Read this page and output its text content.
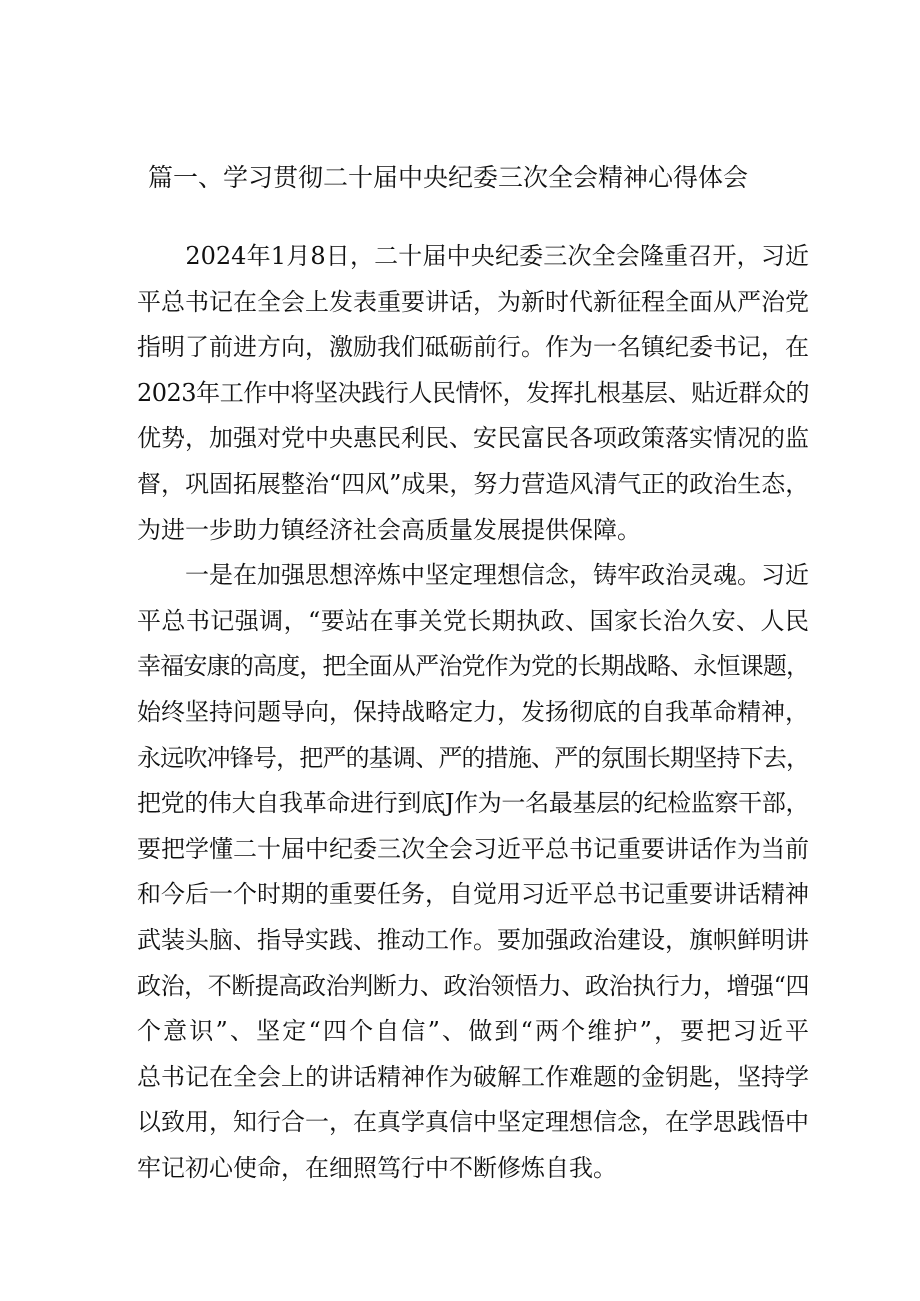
篇一、学习贯彻二十届中央纪委三次全会精神心得体会
　　2024年1月8日，二十届中央纪委三次全会隆重召开，习近
平总书记在全会上发表重要讲话，为新时代新征程全面从严治党
指明了前进方向，激励我们砥砺前行。作为一名镇纪委书记，在
2023年工作中将坚决践行人民情怀，发挥扎根基层、贴近群众的
优势，加强对党中央惠民利民、安民富民各项政策落实情况的监
督，巩固拓展整治“四风”成果，努力营造风清气正的政治生态，
为进一步助力镇经济社会高质量发展提供保障。
　　一是在加强思想淬炼中坚定理想信念，铸牢政治灵魂。习近
平总书记强调，“要站在事关党长期执政、国家长治久安、人民
幸福安康的高度，把全面从严治党作为党的长期战略、永恒课题，
始终坚持问题导向，保持战略定力，发扬彻底的自我革命精神，
永远吹冲锋号，把严的基调、严的措施、严的氛围长期坚持下去，
把党的伟大自我革命进行到底J作为一名最基层的纪检监察干部，
要把学懂二十届中纪委三次全会习近平总书记重要讲话作为当前
和今后一个时期的重要任务，自觉用习近平总书记重要讲话精神
武装头脑、指导实践、推动工作。要加强政治建设，旗帜鲜明讲
政治，不断提高政治判断力、政治领悟力、政治执行力，增强“四
个意识”、坚定“四个自信”、做到“两个维护”，要把习近平
总书记在全会上的讲话精神作为破解工作难题的金钥匙，坚持学
以致用，知行合一，在真学真信中坚定理想信念，在学思践悟中
牢记初心使命，在细照笃行中不断修炼自我。
